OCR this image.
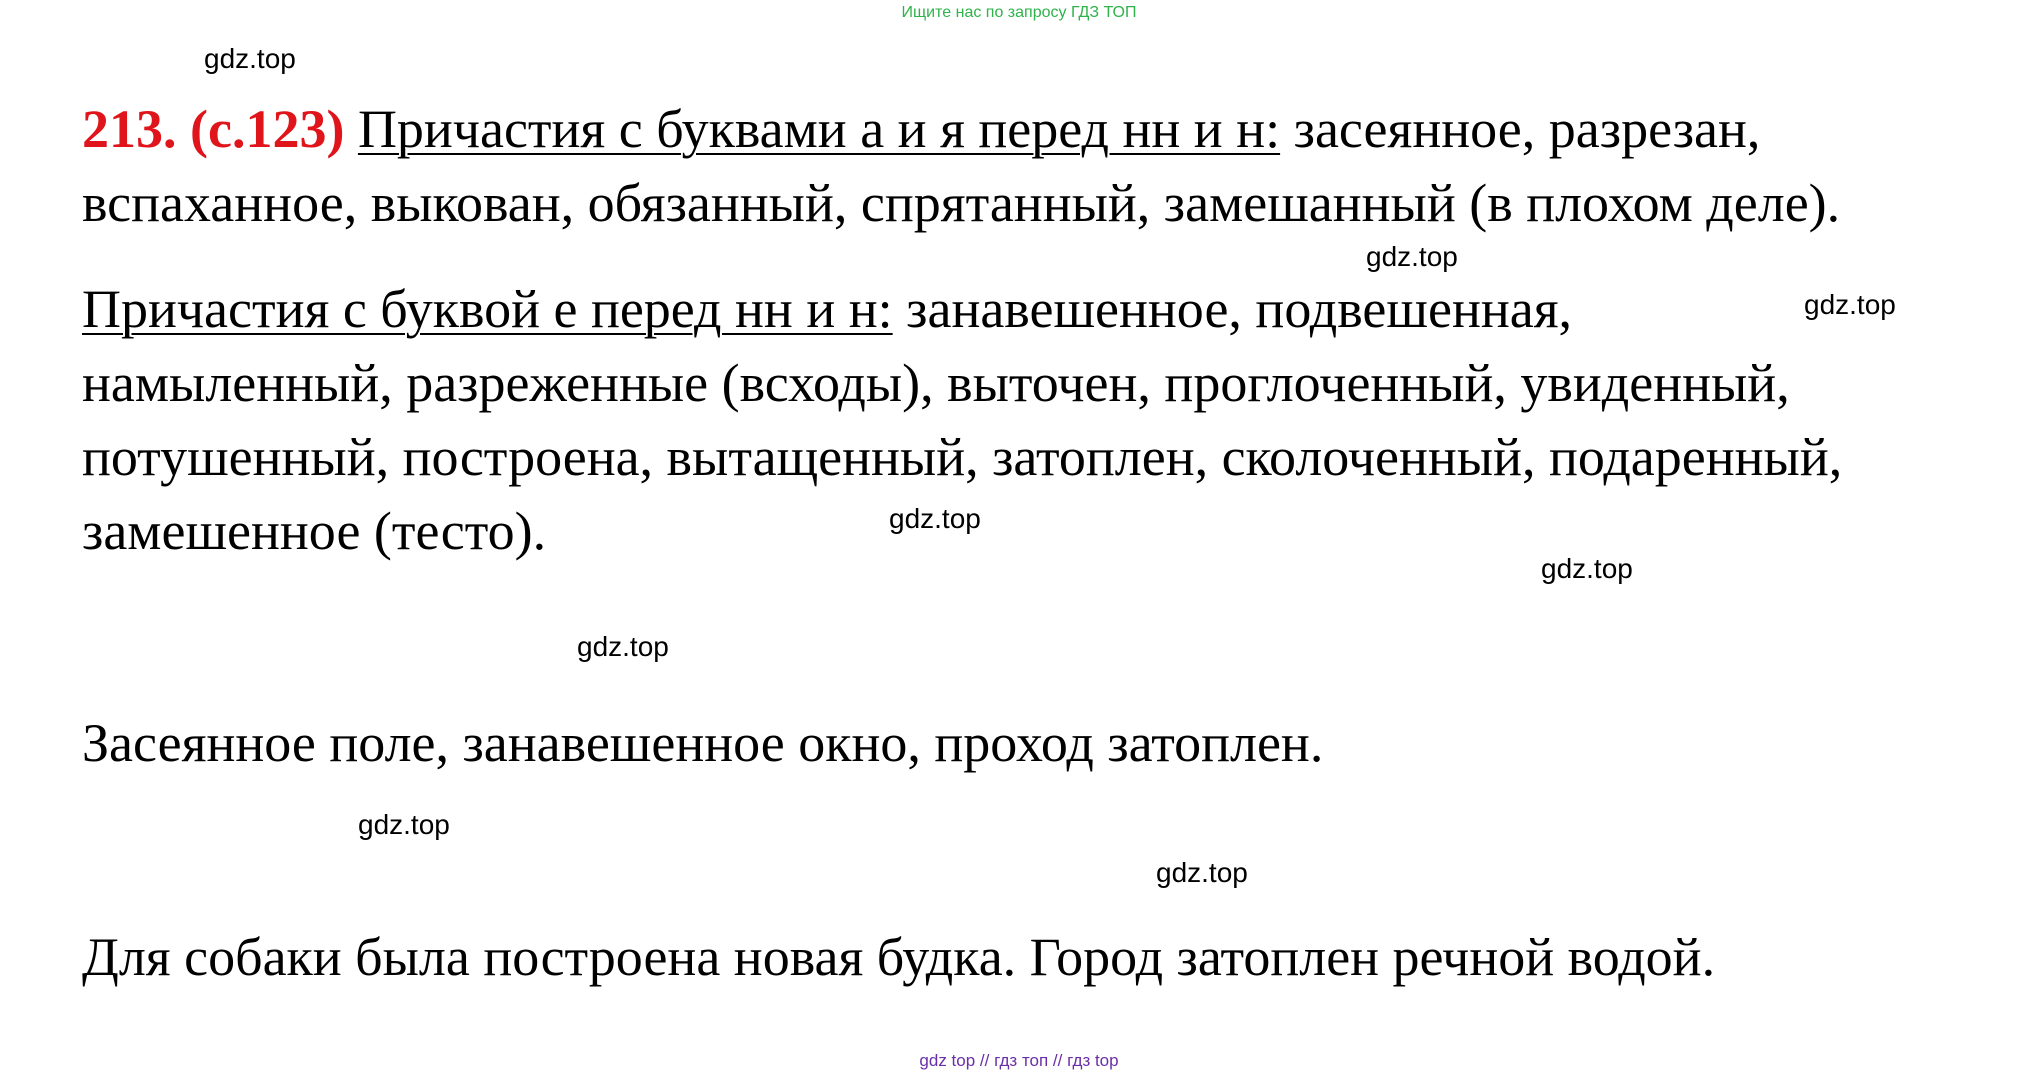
Ищите нас по запросу ГДЗ ТОП
gdz.top
213. (с.123) Причастия с буквами а и я перед нн и н: засеянное, разрезан,
вспаханное, выкован, обязанный, спрятанный, замешанный (в плохом деле).
gdz.top
Причастия с буквой е перед нн и н: занавешенное, подвешенная,	gdz.top
намыленный, разреженные (всходы), выточен, проглоченный, увиденный,
потушенный, построена, вытащенный, затоплен, сколоченный, подаренный,
замешенное (тесто).	gdz.top
gdz.top
gdz.top
Засеянное поле, занавешенное окно, проход затоплен.
gdz.top
gdz.top
Для собаки была построена новая будка. Город затоплен речной водой.
gdz top // гдз топ // гдз top
